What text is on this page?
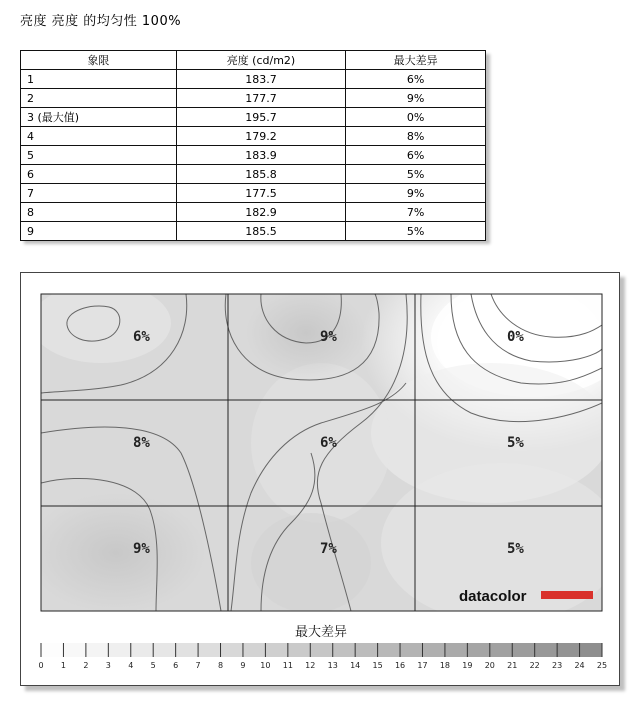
亮度 亮度 的均匀性 100%
象限	亮度 (cd/m2)	最大差异
1	183.7	6%
2	177.7	9%
3 (最大值)	195.7	0%
4	179.2	8%
5	183.9	6%
6	185.8	5%
7	177.5	9%
8	182.9	7%
9	185.5	5%
6%	9%	0%
8%	6%	5%
9%	7%	5%
datacolor
最大差异
0 1 2 3 4 5 6 7 8 9 10 11 12 13 14 15 16 17 18 19 20 21 22 23 24 25
